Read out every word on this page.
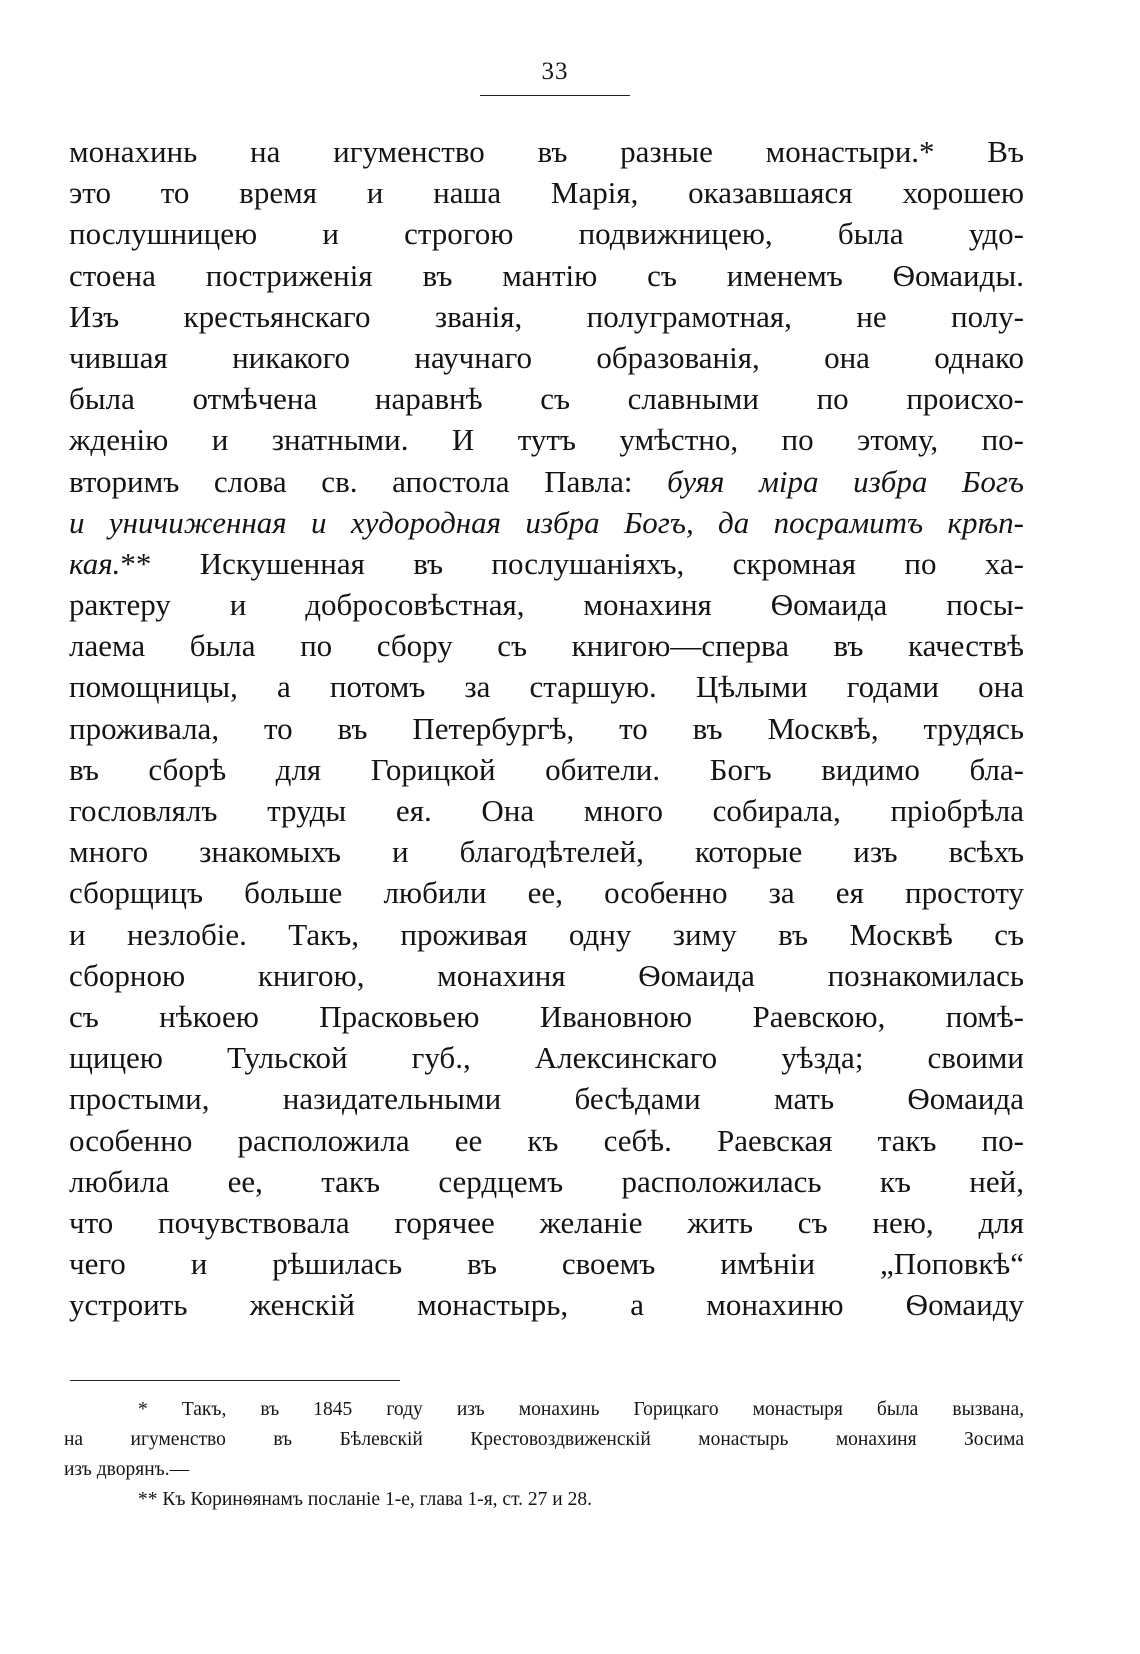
33
монахинь на игуменство въ разные монастыри.* Въ
это то время и наша Марія, оказавшаяся хорошею
послушницею и строгою подвижницею, была удо-
стоена постриженія въ мантію съ именемъ Ѳомаиды.
Изъ крестьянскаго званія, полуграмотная, не полу-
чившая никакого научнаго образованія, она однако
была отмѣчена наравнѣ съ славными по происхо-
жденію и знатными. И тутъ умѣстно, по этому, по-
вторимъ слова св. апостола Павла: буяя міра избра Богъ
и уничиженная и худородная избра Богъ, да посрамитъ крѣп-
кая.** Искушенная въ послушаніяхъ, скромная по ха-
рактеру и добросовѣстная, монахиня Ѳомаида посы-
лаема была по сбору съ книгою—сперва въ качествѣ
помощницы, а потомъ за старшую. Цѣлыми годами она
проживала, то въ Петербургѣ, то въ Москвѣ, трудясь
въ сборѣ для Горицкой обители. Богъ видимо бла-
гословлялъ труды ея. Она много собирала, пріобрѣла
много знакомыхъ и благодѣтелей, которые изъ всѣхъ
сборщицъ больше любили ее, особенно за ея простоту
и незлобіе. Такъ, проживая одну зиму въ Москвѣ съ
сборною книгою, монахиня Ѳомаида познакомилась
съ нѣкоею Прасковьею Ивановною Раевскою, помѣ-
щицею Тульской губ., Алексинскаго уѣзда; своими
простыми, назидательными бесѣдами мать Ѳомаида
особенно расположила ее къ себѣ. Раевская такъ по-
любила ее, такъ сердцемъ расположилась къ ней,
что почувствовала горячее желаніе жить съ нею, для
чего и рѣшилась въ своемъ имѣніи „Поповкѣ“
устроить женскій монастырь, а монахиню Ѳомаиду
* Такъ, въ 1845 году изъ монахинь Горицкаго монастыря была вызвана,
на игуменство въ Бѣлевскій Крестовоздвиженскій монастырь монахиня Зосима
изъ дворянъ.—
** Къ Коринѳянамъ посланіе 1-е, глава 1-я, ст. 27 и 28.
